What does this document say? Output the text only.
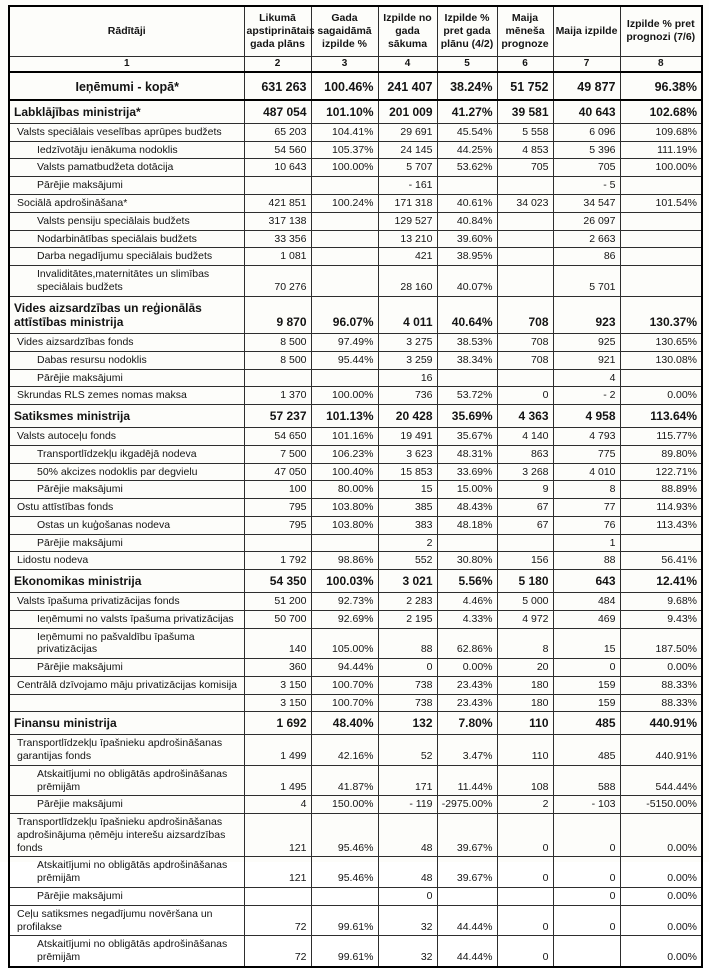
Rādītāji	Likumā apstiprinātais gada plāns	Gada sagaidāmā izpilde %	Izpilde no gada sākuma	Izpilde % pret gada plānu (4/2)	Maija mēneša prognoze	Maija izpilde	Izpilde % pret prognozi (7/6)
1	2	3	4	5	6	7	8
Ieņēmumi - kopā*	631 263	100.46%	241 407	38.24%	51 752	49 877	96.38%
Labklājības ministrija*	487 054	101.10%	201 009	41.27%	39 581	40 643	102.68%
Valsts speciālais veselības aprūpes budžets	65 203	104.41%	29 691	45.54%	5 558	6 096	109.68%
Iedzīvotāju ienākuma nodoklis	54 560	105.37%	24 145	44.25%	4 853	5 396	111.19%
Valsts pamatbudžeta dotācija	10 643	100.00%	5 707	53.62%	705	705	100.00%
Pārējie maksājumi			- 161			- 5	
Sociālā apdrošināšana*	421 851	100.24%	171 318	40.61%	34 023	34 547	101.54%
Valsts pensiju speciālais budžets	317 138		129 527	40.84%		26 097	
Nodarbinātības speciālais budžets	33 356		13 210	39.60%		2 663	
Darba negadījumu speciālais budžets	1 081		421	38.95%		86	
Invaliditātes,maternitātes un slimības speciālais budžets	70 276		28 160	40.07%		5 701	
Vides aizsardzības un reģionālās attīstības ministrija	9 870	96.07%	4 011	40.64%	708	923	130.37%
Vides aizsardzības fonds	8 500	97.49%	3 275	38.53%	708	925	130.65%
Dabas resursu nodoklis	8 500	95.44%	3 259	38.34%	708	921	130.08%
Pārējie maksājumi			16			4	
Skrundas RLS zemes nomas maksa	1 370	100.00%	736	53.72%	0	- 2	0.00%
Satiksmes ministrija	57 237	101.13%	20 428	35.69%	4 363	4 958	113.64%
Valsts autoceļu fonds	54 650	101.16%	19 491	35.67%	4 140	4 793	115.77%
Transportlīdzekļu ikgadējā nodeva	7 500	106.23%	3 623	48.31%	863	775	89.80%
50% akcizes nodoklis par degvielu	47 050	100.40%	15 853	33.69%	3 268	4 010	122.71%
Pārējie maksājumi	100	80.00%	15	15.00%	9	8	88.89%
Ostu attīstības fonds	795	103.80%	385	48.43%	67	77	114.93%
Ostas un kuģošanas nodeva	795	103.80%	383	48.18%	67	76	113.43%
Pārējie maksājumi			2			1	
Lidostu nodeva	1 792	98.86%	552	30.80%	156	88	56.41%
Ekonomikas ministrija	54 350	100.03%	3 021	5.56%	5 180	643	12.41%
Valsts īpašuma privatizācijas fonds	51 200	92.73%	2 283	4.46%	5 000	484	9.68%
Ieņēmumi no valsts īpašuma privatizācijas	50 700	92.69%	2 195	4.33%	4 972	469	9.43%
Ieņēmumi no pašvaldību īpašuma privatizācijas	140	105.00%	88	62.86%	8	15	187.50%
Pārējie maksājumi	360	94.44%	0	0.00%	20	0	0.00%
Centrālā dzīvojamo māju privatizācijas komisija	3 150	100.70%	738	23.43%	180	159	88.33%
	3 150	100.70%	738	23.43%	180	159	88.33%
Finansu ministrija	1 692	48.40%	132	7.80%	110	485	440.91%
Transportlīdzekļu īpašnieku apdrošināšanas garantijas fonds	1 499	42.16%	52	3.47%	110	485	440.91%
Atskaitījumi no obligātās apdrošināšanas prēmijām	1 495	41.87%	171	11.44%	108	588	544.44%
Pārējie maksājumi	4	150.00%	- 119	-2975.00%	2	- 103	-5150.00%
Transportlīdzekļu īpašnieku apdrošināšanas apdrošinājuma ņēmēju interešu aizsardzības fonds	121	95.46%	48	39.67%	0	0	0.00%
Atskaitījumi no obligātās apdrošināšanas prēmijām	121	95.46%	48	39.67%	0	0	0.00%
Pārējie maksājumi			0			0	0.00%
Ceļu satiksmes negadījumu novēršana un profilakse	72	99.61%	32	44.44%	0	0	0.00%
Atskaitījumi no obligātās apdrošināšanas prēmijām	72	99.61%	32	44.44%	0		0.00%
